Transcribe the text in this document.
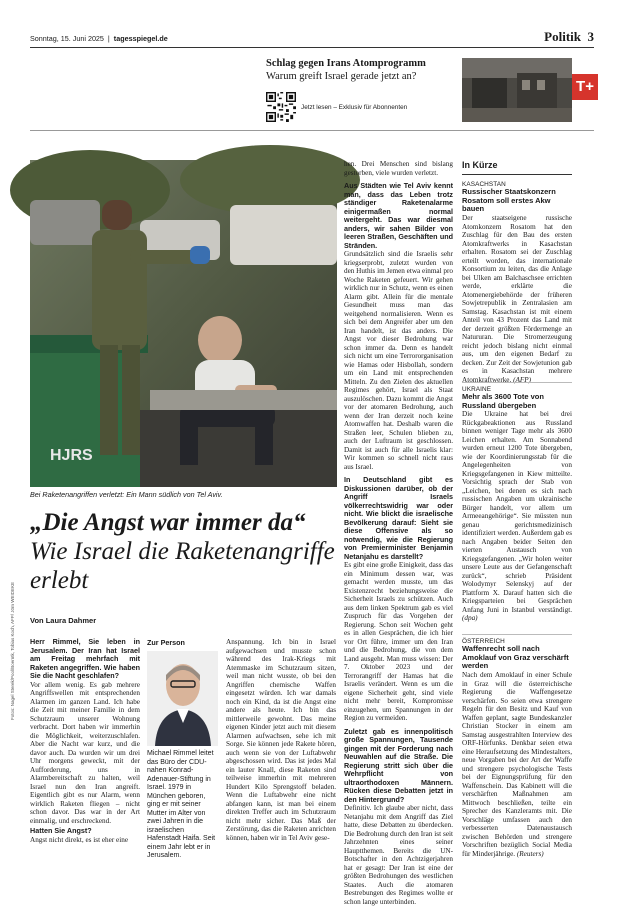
Sonntag, 15. Juni 2025  |  tagesspiegel.de	Politik 3
Schlag gegen Irans Atomprogramm
Warum greift Israel gerade jetzt an?
Jetzt lesen – Exklusiv für Abonnenten
T+
HJRS
Bei Raketenangriffen verletzt: Ein Mann südlich von Tel Aviv.
„Die Angst war immer da“ Wie Israel die Raketenangriffe erlebt
Von Laura Dahmer

Herr Rimmel, Sie leben in Jerusalem. Der Iran hat Israel am Freitag mehrfach mit Raketen angegriffen. Wie haben Sie die Nacht geschlafen?

Vor allem wenig. Es gab mehrere Angriffswellen mit entsprechenden Alarmen im ganzen Land. Ich habe die Zeit mit meiner Familie in dem Schutzraum unserer Wohnung verbracht. Dort haben wir immerhin die Möglichkeit, weiterzuschlafen. Aber die Nacht war kurz, und die davor auch. Da wurden wir um drei Uhr morgens geweckt, mit der Aufforderung, uns in Alarmbereitschaft zu halten, weil Israel nun den Iran angreift. Eigentlich gibt es nur Alarm, wenn wirklich Raketen fliegen – nicht schon davor. Das war in der Art einmalig, und erschreckend.

Hatten Sie Angst?

Angst nicht direkt, es ist eher eine

Zur Person
Michael Rimmel leitet das Büro der CDU-nahen Konrad-Adenauer-Stiftung in Israel. 1979 in München geboren, ging er mit seiner Mutter im Alter von zwei Jahren in die israelischen Hafenstadt Haifa. Seit einem Jahr lebt er in Jerusalem.

Anspannung. Ich bin in Israel aufgewachsen und musste schon während des Irak-Kriegs mit Atemmaske im Schutzraum sitzen, weil man nicht wusste, ob bei den Angriffen chemische Waffen eingesetzt würden. Ich war damals noch ein Kind, da ist die Angst eine andere als heute. Ich bin das mittlerweile gewohnt. Das meine eigenen Kinder jetzt auch mit diesem Alarmen aufwachsen, sehe ich mit Sorge. Sie können jede Rakete hören, auch wenn sie von der Luftabwehr abgeschossen wird. Das ist jedes Mal ein lauter Knall, diese Raketen sind teilweise immerhin mit mehreren Hundert Kilo Sprengstoff beladen. Wenn die Luftabwehr eine nicht abfangen kann, ist man bei einem direkten Treffer auch im Schutzraum nicht mehr sicher. Das Maß der Zerstörung, das die Raketen anrichten können, haben wir in Tel Aviv gese-

hen. Drei Menschen sind bislang gestorben, viele wurden verletzt.

Aus Städten wie Tel Aviv kennt man, dass das Leben trotz ständiger Raketenalarme einigermaßen normal weitergeht. Das war diesmal anders, wir sahen Bilder von leeren Straßen, Geschäften und Stränden.

Grundsätzlich sind die Israelis sehr kriegserprobt, zuletzt wurden von den Huthis im Jemen etwa einmal pro Woche Raketen gefeuert. Wir gehen wirklich nur in Schutz, wenn es einen Alarm gibt. Allein für die mentale Gesundheit muss man das weitgehend normalisieren. Wenn es sich bei dem Angreifer aber um den Iran handelt, ist das anders. Die Angst vor dieser Bedrohung war schon immer da. Denn es handelt sich nicht um eine Terrororganisation wie Hamas oder Hisbollah, sondern um ein Land mit entsprechenden Mitteln. Zu den Zielen des aktuellen Regimes gehört, Israel als Staat auszulöschen. Dazu kommt die Angst vor der atomaren Bedrohung, auch wenn der Iran derzeit noch keine Atomwaffen hat. Deshalb waren die Straßen leer, Schulen blieben zu, auch der Luftraum ist geschlossen. Damit ist auch für alle Israelis klar: Wir kommen so schnell nicht raus aus Israel.

In Deutschland gibt es Diskussionen darüber, ob der Angriff Israels völkerrechtswidrig war oder nicht. Wie blickt die israelische Bevölkerung darauf: Sieht sie diese Offensive als so notwendig, wie die Regierung von Premierminister Benjamin Netanjahu es darstellt?

Es gibt eine große Einigkeit, dass das ein Minimum dessen war, was gemacht werden musste, um das Existenzrecht beziehungsweise die Sicherheit Israels zu schützen. Auch aus dem linken Spektrum gab es viel Zuspruch für das Vorgehen der Regierung. Schon seit Wochen geht es in allen Gesprächen, die ich hier vor Ort führe, immer um den Iran und die Bedrohung, die von dem Land ausgeht. Man muss wissen: Der 7. Oktober 2023 und der Terrorangriff der Hamas hat die Israelis verändert. Wenn es um die eigene Sicherheit geht, sind viele nicht mehr bereit, Kompromisse einzugehen, um Spannungen in der Region zu vermeiden.

Zuletzt gab es innenpolitisch große Spannungen, Tausende gingen mit der Forderung nach Neuwahlen auf die Straße. Die Regierung stritt sich über die Wehrpflicht von ultraorthodoxen Männern. Rücken diese Debatten jetzt in den Hintergrund?

Definitiv. Ich glaube aber nicht, dass Netanjahu mit dem Angriff das Ziel hatte, diese Debatten zu überdecken. Die Bedrohung durch den Iran ist seit Jahrzehnten eines seiner Hauptthemen. Bereits die UN-Botschafter in den Achtzigerjahren hat er gesagt: Der Iran ist eine der größten Bedrohungen des westlichen Staates. Auch die atomaren Bestrebungen des Regimes wollte er schon lange unterbinden.

In Kürze
KASACHSTAN
Russischer Staatskonzern Rosatom soll erstes Akw bauen
Der staatseigene russische Atomkonzern Rosatom hat den Zuschlag für den Bau des ersten Atomkraftwerks in Kasachstan erhalten. Rosatom sei der Zuschlag erteilt worden, das internationale Konsortium zu leiten, das die Anlage bei Ulken am Balchaschsee errichten werde, erklärte die Atomenergiebehörde der früheren Sowjetrepublik in Zentralasien am Samstag. Kasachstan ist mit einem Anteil von 43 Prozent das Land mit der derzeit größten Fördermenge an Natururan. Die Stromerzeugung reicht jedoch bislang nicht einmal aus, um den eigenen Bedarf zu decken. Zur Zeit der Sowjetunion gab es in Kasachstan mehrere Atomkraftwerke. (AFP)
UKRAINE
Mehr als 3600 Tote von Russland übergeben
Die Ukraine hat bei drei Rückgabeaktionen aus Russland binnen weniger Tage mehr als 3600 Leichen erhalten. Am Sonnabend wurden erneut 1200 Tote übergeben, wie der Koordinierungsstab für die Angelegenheiten von Kriegsgefangenen in Kiew mitteilte. Vorsichtig sprach der Stab von „Leichen, bei denen es sich nach russischen Angaben um ukrainische Bürger handelt, vor allem um Armeeangehörige“. Sie müssten nun genau gerichtsmedizinisch identifiziert werden. Außerdem gab es nach Angaben beider Seiten den vierten Austausch von Kriegsgefangenen. „Wir holen weiter unsere Leute aus der Gefangenschaft zurück“, schrieb Präsident Wolodymyr Selenskyj auf der Plattform X. Darauf hatten sich die Kriegsparteien bei Gesprächen Anfang Juni in Istanbul verständigt. (dpa)
ÖSTERREICH
Waffenrecht soll nach Amoklauf von Graz verschärft werden
Nach dem Amoklauf in einer Schule in Graz will die österreichische Regierung die Waffengesetze verschärfen. So seien etwa strengere Regeln für den Besitz und Kauf von Waffen geplant, sagte Bundeskanzler Christian Stocker in einem am Samstag ausgestrahlten Interview des ORF-Hörfunks. Denkbar seien etwa eine Heraufsetzung des Mindestalters, neue Vorgaben bei der Art der Waffe und strengere psychologische Tests bei der Eignungsprüfung für den Waffenschein. Das Kabinett will die verschärften Maßnahmen am Mittwoch beschließen, teilte ein Sprecher des Kanzleramts mit. Die Vorschläge umfassen auch den verbesserten Datenaustausch zwischen Behörden und strengere Vorschriften bezüglich Social Media für Minderjährige. (Reuters)
Fotos: Nagel Sterek/Pool/Boerntk, Tobias Koch, AFP/ Jörn WEIDEKE
